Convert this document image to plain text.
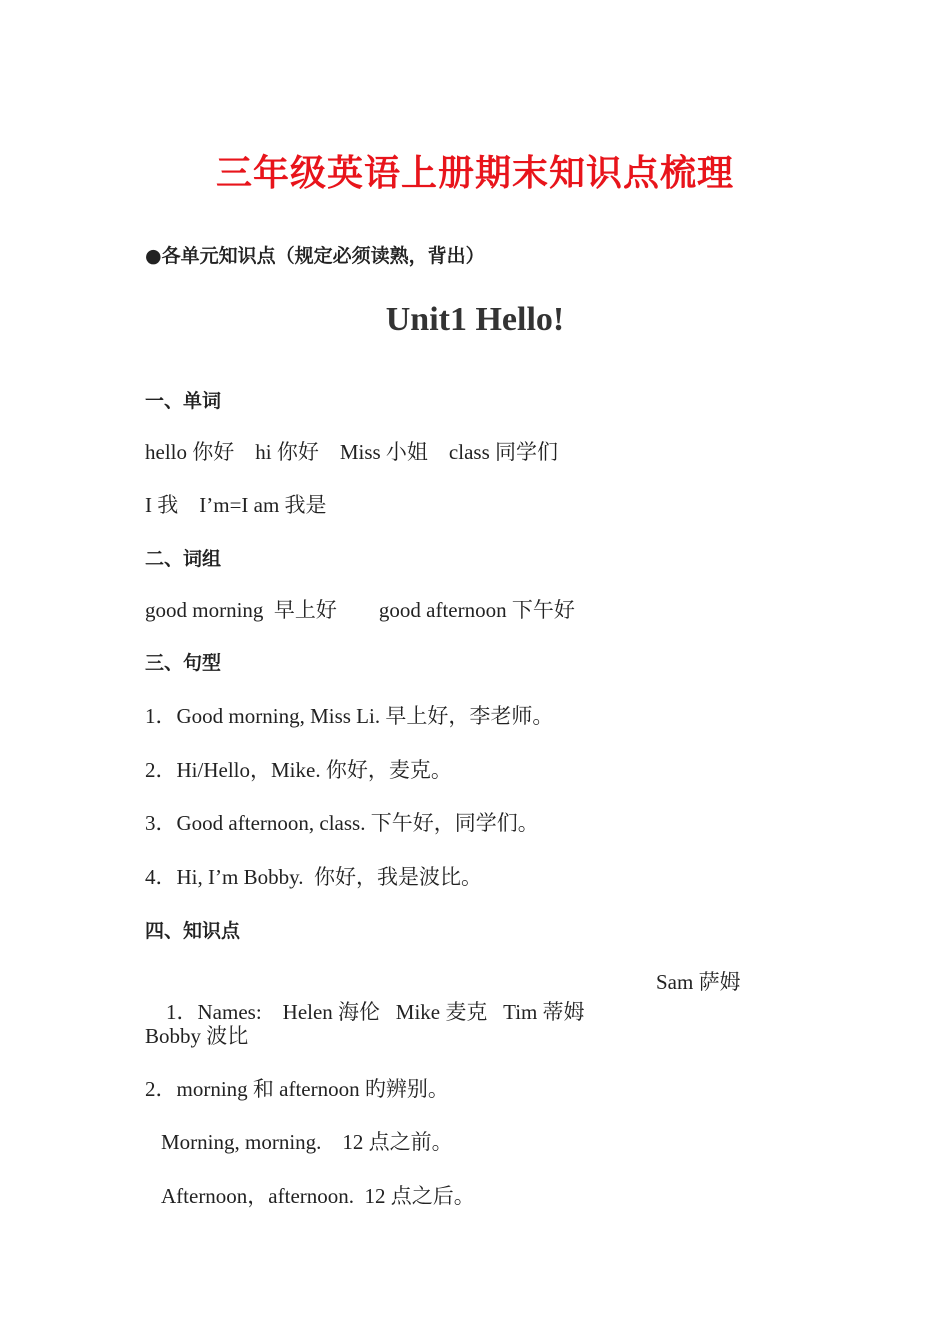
三年级英语上册期末知识点梳理
●各单元知识点（规定必须读熟，背出）
Unit1 Hello!
一、单词
hello 你好    hi 你好    Miss 小姐    class 同学们
I 我    I’m=I am 我是
二、词组
good morning  早上好        good afternoon 下午好
三、句型
1．Good morning, Miss Li. 早上好，李老师。
2．Hi/Hello，Mike. 你好，麦克。
3．Good afternoon, class. 下午好，同学们。
4．Hi, I’m Bobby.  你好，我是波比。
四、知识点

1．Names:    Helen 海伦   Mike 麦克   Tim 蒂姆
Sam 萨姆

Bobby 波比
2．morning 和 afternoon 旳辨别。
Morning, morning.    12 点之前。
Afternoon，afternoon.  12 点之后。
